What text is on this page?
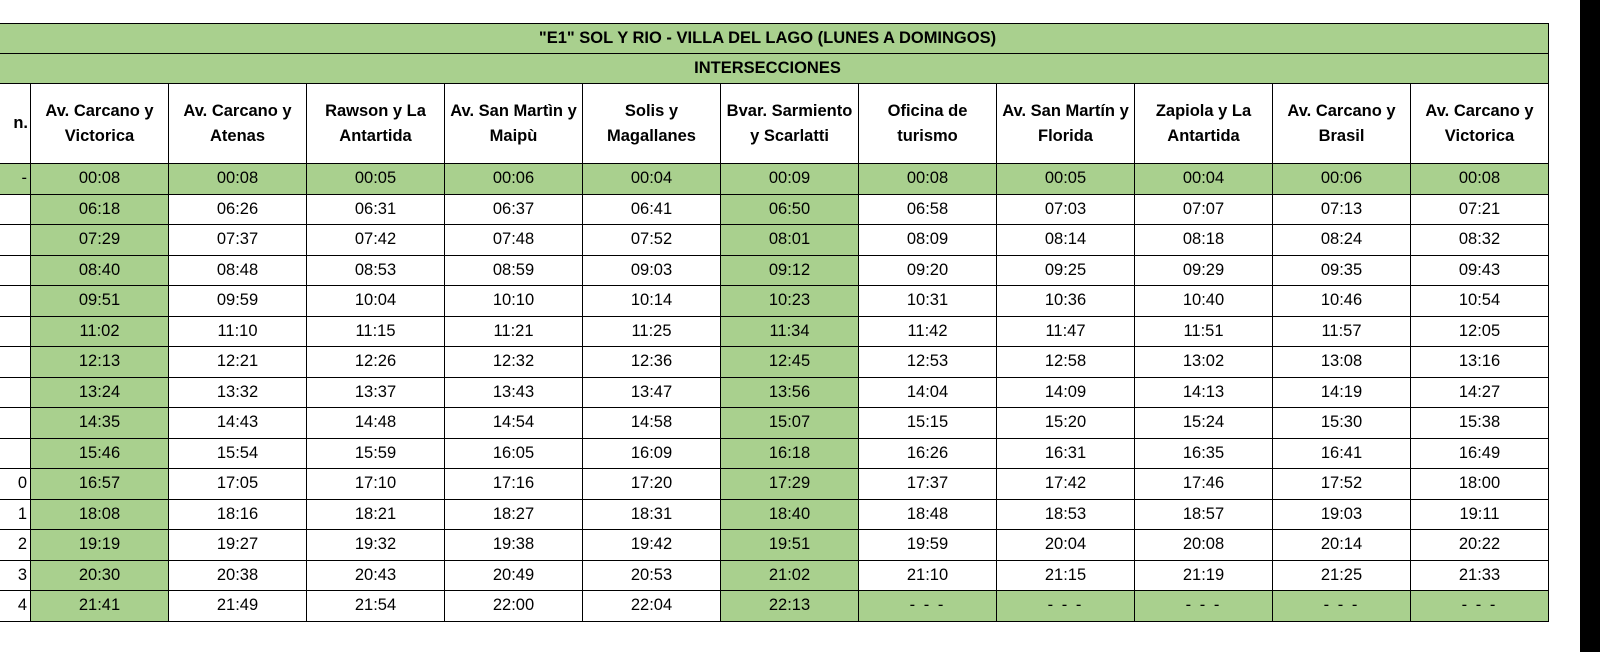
"E1" SOL Y RIO - VILLA DEL LAGO (LUNES A DOMINGOS)											
INTERSECCIONES											
n.	Av. Carcano y Victorica	Av. Carcano y Atenas	Rawson y La Antartida	Av. San Martìn y Maipù	Solis y Magallanes	Bvar. Sarmiento y Scarlatti	Oficina de turismo	Av. San Martín y Florida	Zapiola y La Antartida	Av. Carcano y Brasil	Av. Carcano y Victorica
-	00:08	00:08	00:05	00:06	00:04	00:09	00:08	00:05	00:04	00:06	00:08
	06:18	06:26	06:31	06:37	06:41	06:50	06:58	07:03	07:07	07:13	07:21
	07:29	07:37	07:42	07:48	07:52	08:01	08:09	08:14	08:18	08:24	08:32
	08:40	08:48	08:53	08:59	09:03	09:12	09:20	09:25	09:29	09:35	09:43
	09:51	09:59	10:04	10:10	10:14	10:23	10:31	10:36	10:40	10:46	10:54
	11:02	11:10	11:15	11:21	11:25	11:34	11:42	11:47	11:51	11:57	12:05
	12:13	12:21	12:26	12:32	12:36	12:45	12:53	12:58	13:02	13:08	13:16
	13:24	13:32	13:37	13:43	13:47	13:56	14:04	14:09	14:13	14:19	14:27
	14:35	14:43	14:48	14:54	14:58	15:07	15:15	15:20	15:24	15:30	15:38
	15:46	15:54	15:59	16:05	16:09	16:18	16:26	16:31	16:35	16:41	16:49
0	16:57	17:05	17:10	17:16	17:20	17:29	17:37	17:42	17:46	17:52	18:00
1	18:08	18:16	18:21	18:27	18:31	18:40	18:48	18:53	18:57	19:03	19:11
2	19:19	19:27	19:32	19:38	19:42	19:51	19:59	20:04	20:08	20:14	20:22
3	20:30	20:38	20:43	20:49	20:53	21:02	21:10	21:15	21:19	21:25	21:33
4	21:41	21:49	21:54	22:00	22:04	22:13	- - -	- - -	- - -	- - -	- - -
